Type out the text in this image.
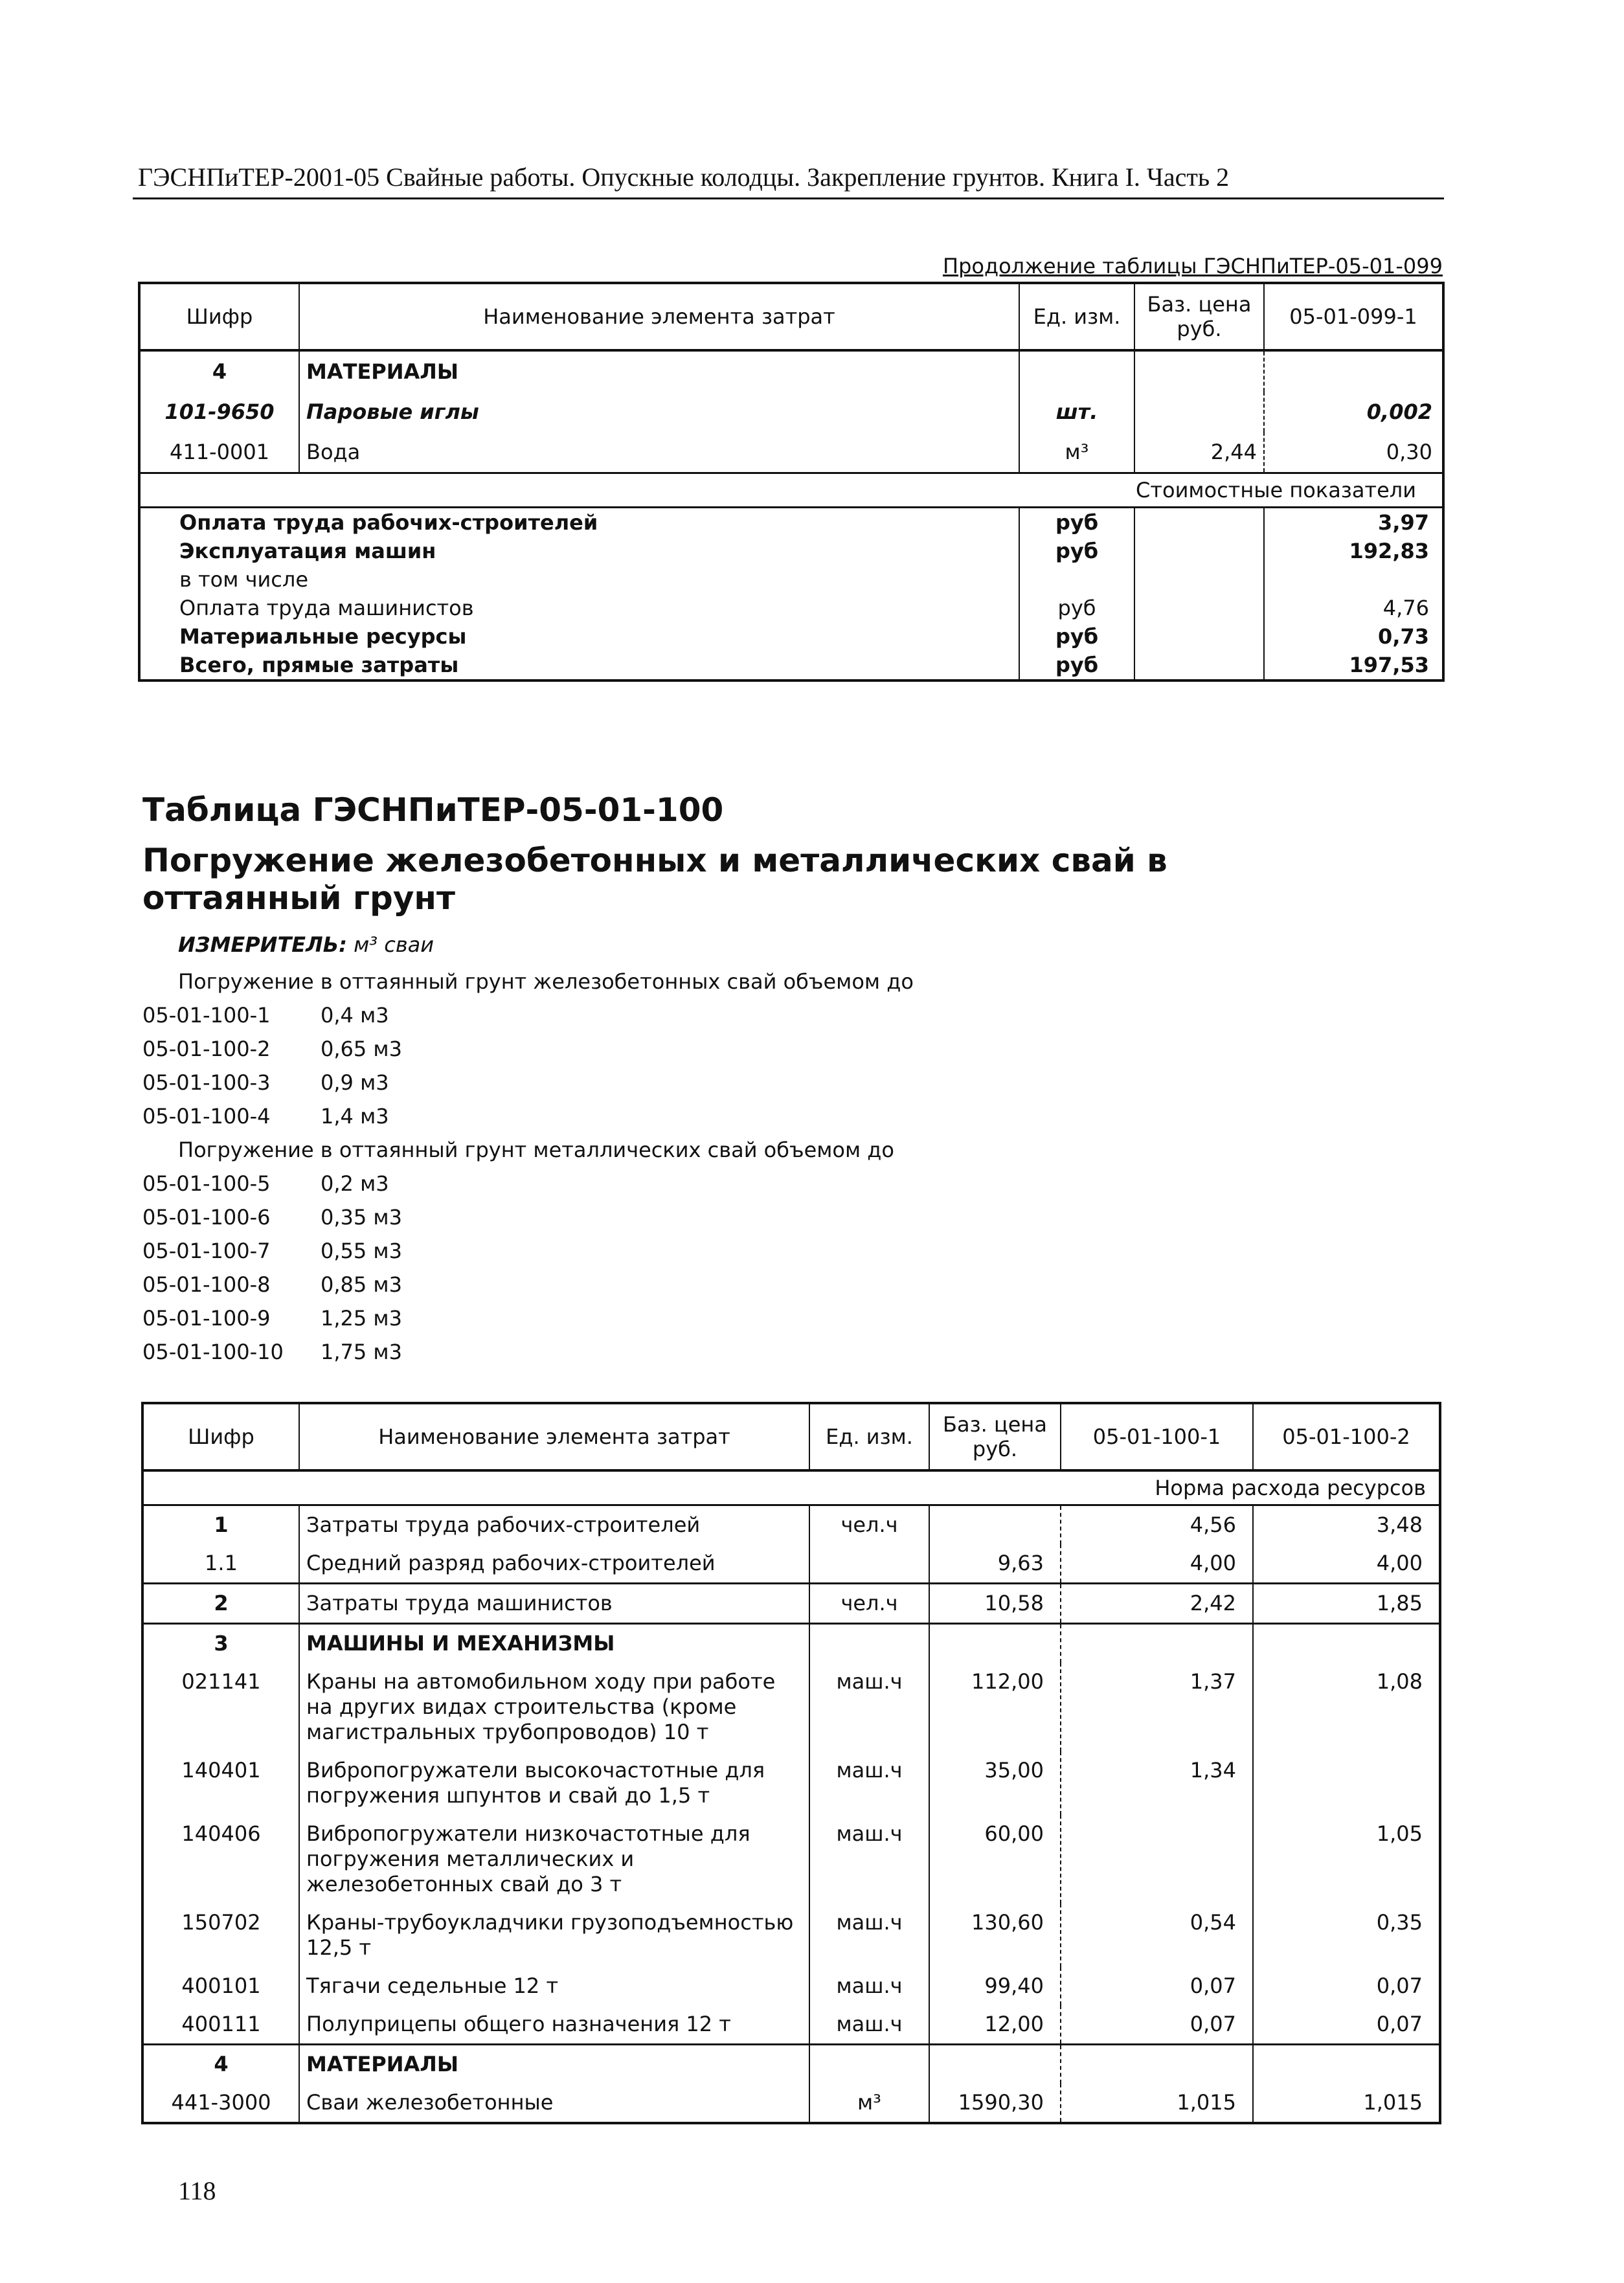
ГЭСНПиТЕР-2001-05 Свайные работы. Опускные колодцы. Закрепление грунтов. Книга I. Часть 2
Продолжение таблицы ГЭСНПиТЕР-05-01-099
Шифр	Наименование элемента затрат	Ед. изм.	Баз. цена руб.	05-01-099-1
4	МАТЕРИАЛЫ			
101-9650	Паровые иглы	шт.		0,002
411-0001	Вода	м³	2,44	0,30
Стоимостные показатели				
Оплата труда рабочих-строителей		руб		3,97
Эксплуатация машин		руб		192,83
в том числе				
Оплата труда машинистов		руб		4,76
Материальные ресурсы		руб		0,73
Всего, прямые затраты		руб		197,53
Таблица ГЭСНПиТЕР-05-01-100
Погружение железобетонных и металлических свай в оттаянный грунт
ИЗМЕРИТЕЛЬ: м³ сваи
Погружение в оттаянный грунт железобетонных свай объемом до
05-01-100-1 0,4 м3
05-01-100-2 0,65 м3
05-01-100-3 0,9 м3
05-01-100-4 1,4 м3
Погружение в оттаянный грунт металлических свай объемом до
05-01-100-5 0,2 м3
05-01-100-6 0,35 м3
05-01-100-7 0,55 м3
05-01-100-8 0,85 м3
05-01-100-9 1,25 м3
05-01-100-10 1,75 м3
Шифр	Наименование элемента затрат	Ед. изм.	Баз. цена руб.	05-01-100-1	05-01-100-2
Норма расхода ресурсов					
1	Затраты труда рабочих-строителей	чел.ч		4,56	3,48
1.1	Средний разряд рабочих-строителей		9,63	4,00	4,00
2	Затраты труда машинистов	чел.ч	10,58	2,42	1,85
3	МАШИНЫ И МЕХАНИЗМЫ				
021141	Краны на автомобильном ходу при работе на других видах строительства (кроме магистральных трубопроводов) 10 т	маш.ч	112,00	1,37	1,08
140401	Вибропогружатели высокочастотные для погружения шпунтов и свай до 1,5 т	маш.ч	35,00	1,34	
140406	Вибропогружатели низкочастотные для погружения металлических и железобетонных свай до 3 т	маш.ч	60,00		1,05
150702	Краны-трубоукладчики грузоподъемностью 12,5 т	маш.ч	130,60	0,54	0,35
400101	Тягачи седельные 12 т	маш.ч	99,40	0,07	0,07
400111	Полуприцепы общего назначения 12 т	маш.ч	12,00	0,07	0,07
4	МАТЕРИАЛЫ				
441-3000	Сваи железобетонные	м³	1590,30	1,015	1,015
118
